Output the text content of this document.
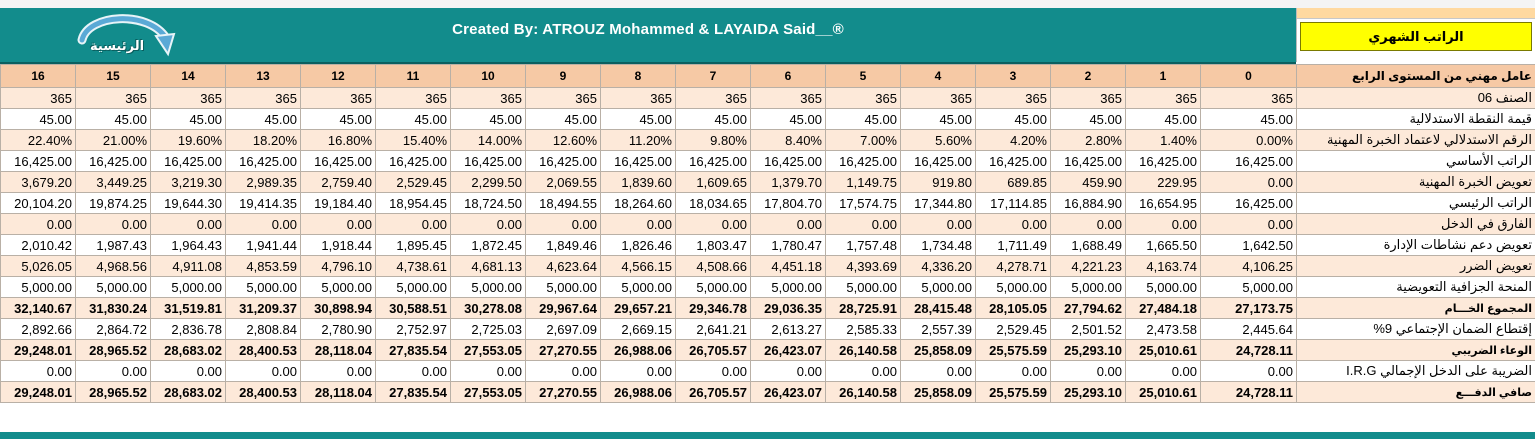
الرئيسية
Created By: ATROUZ Mohammed & LAYAIDA Said__®	الراتب الشهري
16	15	14	13	12	11	10	9	8	7	6	5	4	3	2	1	0	عامل مهني من المستوى الرابع
365	365	365	365	365	365	365	365	365	365	365	365	365	365	365	365	365	الصنف 06
45.00	45.00	45.00	45.00	45.00	45.00	45.00	45.00	45.00	45.00	45.00	45.00	45.00	45.00	45.00	45.00	45.00	قيمة النقطة الاستدلالية
22.40%	21.00%	19.60%	18.20%	16.80%	15.40%	14.00%	12.60%	11.20%	9.80%	8.40%	7.00%	5.60%	4.20%	2.80%	1.40%	0.00%	الرقم الاستدلالي لاعتماد الخبرة المهنية
16,425.00	16,425.00	16,425.00	16,425.00	16,425.00	16,425.00	16,425.00	16,425.00	16,425.00	16,425.00	16,425.00	16,425.00	16,425.00	16,425.00	16,425.00	16,425.00	16,425.00	الراتب الأساسي
3,679.20	3,449.25	3,219.30	2,989.35	2,759.40	2,529.45	2,299.50	2,069.55	1,839.60	1,609.65	1,379.70	1,149.75	919.80	689.85	459.90	229.95	0.00	تعويض الخبرة المهنية
20,104.20	19,874.25	19,644.30	19,414.35	19,184.40	18,954.45	18,724.50	18,494.55	18,264.60	18,034.65	17,804.70	17,574.75	17,344.80	17,114.85	16,884.90	16,654.95	16,425.00	الراتب الرئيسي
0.00	0.00	0.00	0.00	0.00	0.00	0.00	0.00	0.00	0.00	0.00	0.00	0.00	0.00	0.00	0.00	0.00	الفارق في الدخل
2,010.42	1,987.43	1,964.43	1,941.44	1,918.44	1,895.45	1,872.45	1,849.46	1,826.46	1,803.47	1,780.47	1,757.48	1,734.48	1,711.49	1,688.49	1,665.50	1,642.50	تعويض دعم نشاطات الإدارة
5,026.05	4,968.56	4,911.08	4,853.59	4,796.10	4,738.61	4,681.13	4,623.64	4,566.15	4,508.66	4,451.18	4,393.69	4,336.20	4,278.71	4,221.23	4,163.74	4,106.25	تعويض الضرر
5,000.00	5,000.00	5,000.00	5,000.00	5,000.00	5,000.00	5,000.00	5,000.00	5,000.00	5,000.00	5,000.00	5,000.00	5,000.00	5,000.00	5,000.00	5,000.00	5,000.00	المنحة الجزافية التعويضية
32,140.67	31,830.24	31,519.81	31,209.37	30,898.94	30,588.51	30,278.08	29,967.64	29,657.21	29,346.78	29,036.35	28,725.91	28,415.48	28,105.05	27,794.62	27,484.18	27,173.75	المجموع الخـــام
2,892.66	2,864.72	2,836.78	2,808.84	2,780.90	2,752.97	2,725.03	2,697.09	2,669.15	2,641.21	2,613.27	2,585.33	2,557.39	2,529.45	2,501.52	2,473.58	2,445.64	إقتطاع الضمان الإجتماعي 9%
29,248.01	28,965.52	28,683.02	28,400.53	28,118.04	27,835.54	27,553.05	27,270.55	26,988.06	26,705.57	26,423.07	26,140.58	25,858.09	25,575.59	25,293.10	25,010.61	24,728.11	الوعاء الضريبي
0.00	0.00	0.00	0.00	0.00	0.00	0.00	0.00	0.00	0.00	0.00	0.00	0.00	0.00	0.00	0.00	0.00	الضريبة على الدخل الإجمالي I.R.G
29,248.01	28,965.52	28,683.02	28,400.53	28,118.04	27,835.54	27,553.05	27,270.55	26,988.06	26,705.57	26,423.07	26,140.58	25,858.09	25,575.59	25,293.10	25,010.61	24,728.11	صافي الدفـــع
